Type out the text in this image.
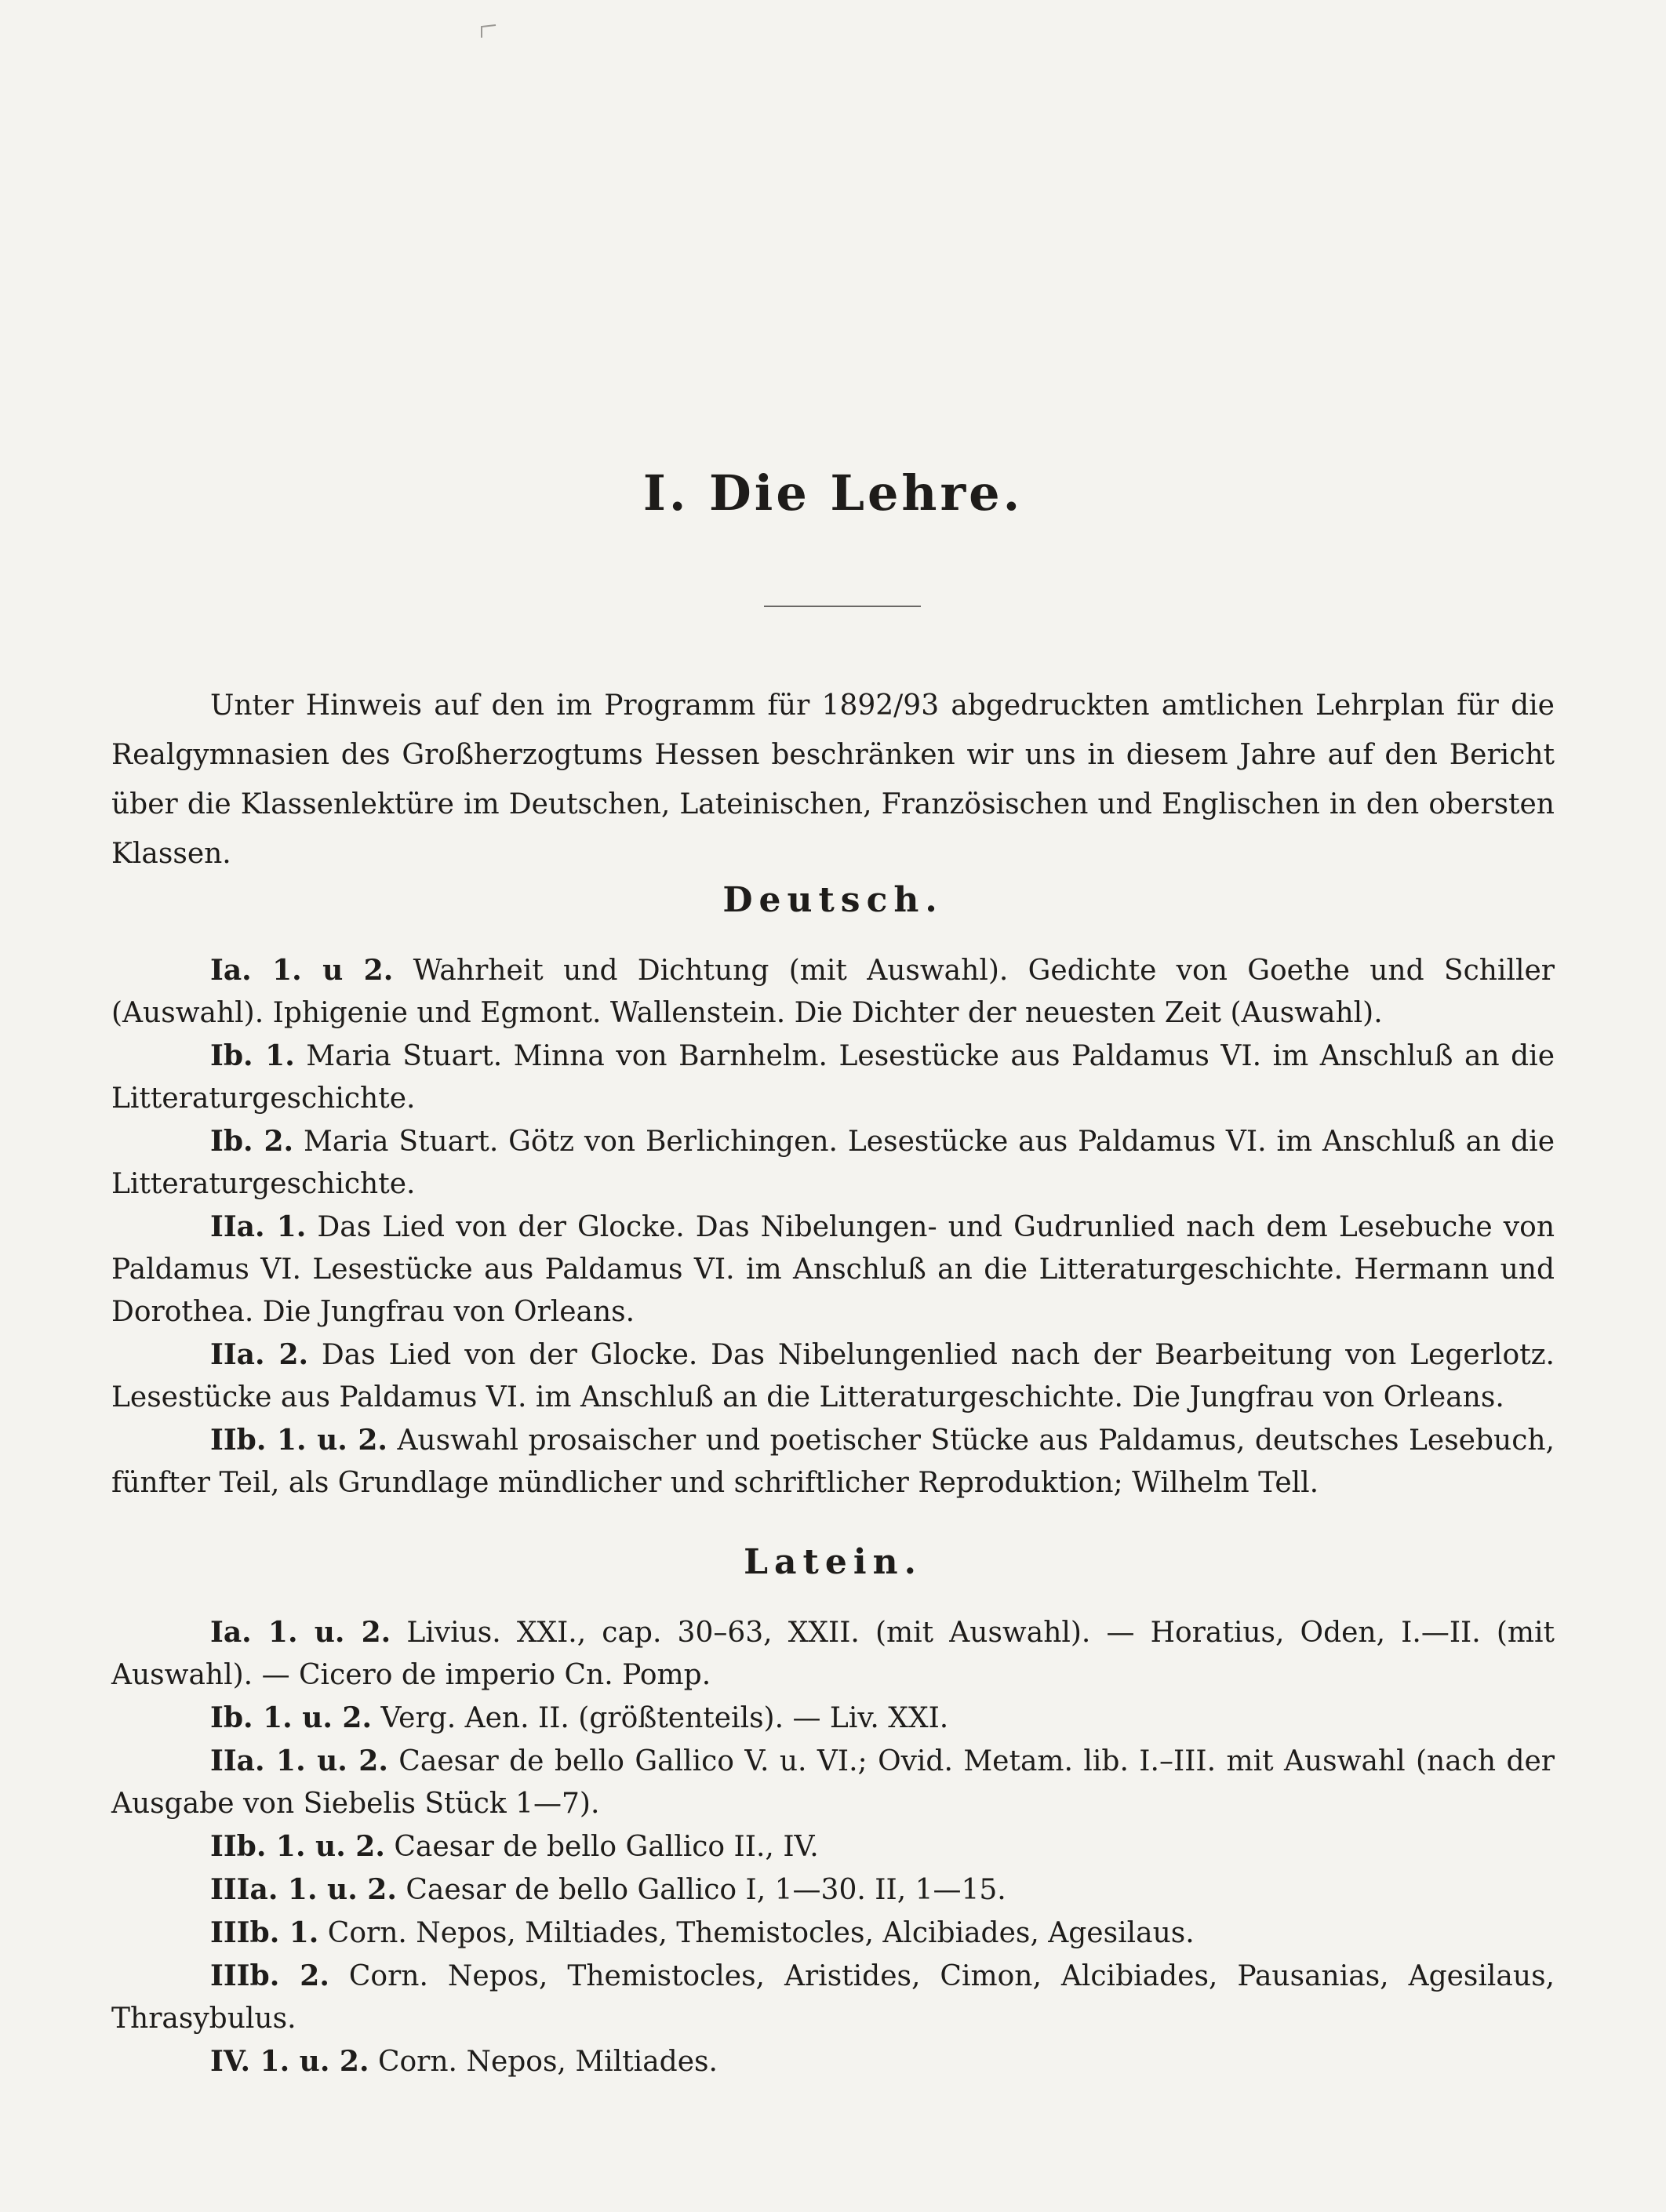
I. Die Lehre.

Unter Hinweis auf den im Programm für 1892/93 abgedruckten amtlichen Lehrplan für die Realgymnasien des Großherzogtums Hessen beschränken wir uns in diesem Jahre auf den Bericht über die Klassenlektüre im Deutschen, Lateinischen, Französischen und Englischen in den obersten Klassen.

Deutsch.

Ia. 1. u 2. Wahrheit und Dichtung (mit Auswahl). Gedichte von Goethe und Schiller (Auswahl). Iphigenie und Egmont. Wallenstein. Die Dichter der neuesten Zeit (Auswahl).

Ib. 1. Maria Stuart. Minna von Barnhelm. Lesestücke aus Paldamus VI. im Anschluß an die Litteraturgeschichte.

Ib. 2. Maria Stuart. Götz von Berlichingen. Lesestücke aus Paldamus VI. im Anschluß an die Litteraturgeschichte.

IIa. 1. Das Lied von der Glocke. Das Nibelungen- und Gudrunlied nach dem Lesebuche von Paldamus VI. Lesestücke aus Paldamus VI. im Anschluß an die Litteraturgeschichte. Hermann und Dorothea. Die Jungfrau von Orleans.

IIa. 2. Das Lied von der Glocke. Das Nibelungenlied nach der Bearbeitung von Legerlotz. Lesestücke aus Paldamus VI. im Anschluß an die Litteraturgeschichte. Die Jungfrau von Orleans.

IIb. 1. u. 2. Auswahl prosaischer und poetischer Stücke aus Paldamus, deutsches Lesebuch, fünfter Teil, als Grundlage mündlicher und schriftlicher Reproduktion; Wilhelm Tell.

Latein.

Ia. 1. u. 2. Livius. XXI., cap. 30–63, XXII. (mit Auswahl). — Horatius, Oden, I.—II. (mit Auswahl). — Cicero de imperio Cn. Pomp.

Ib. 1. u. 2. Verg. Aen. II. (größtenteils). — Liv. XXI.

IIa. 1. u. 2. Caesar de bello Gallico V. u. VI.; Ovid. Metam. lib. I.–III. mit Auswahl (nach der Ausgabe von Siebelis Stück 1—7).

IIb. 1. u. 2. Caesar de bello Gallico II., IV.

IIIa. 1. u. 2. Caesar de bello Gallico I, 1—30. II, 1—15.

IIIb. 1. Corn. Nepos, Miltiades, Themistocles, Alcibiades, Agesilaus.

IIIb. 2. Corn. Nepos, Themistocles, Aristides, Cimon, Alcibiades, Pausanias, Agesilaus, Thrasybulus.

IV. 1. u. 2. Corn. Nepos, Miltiades.
